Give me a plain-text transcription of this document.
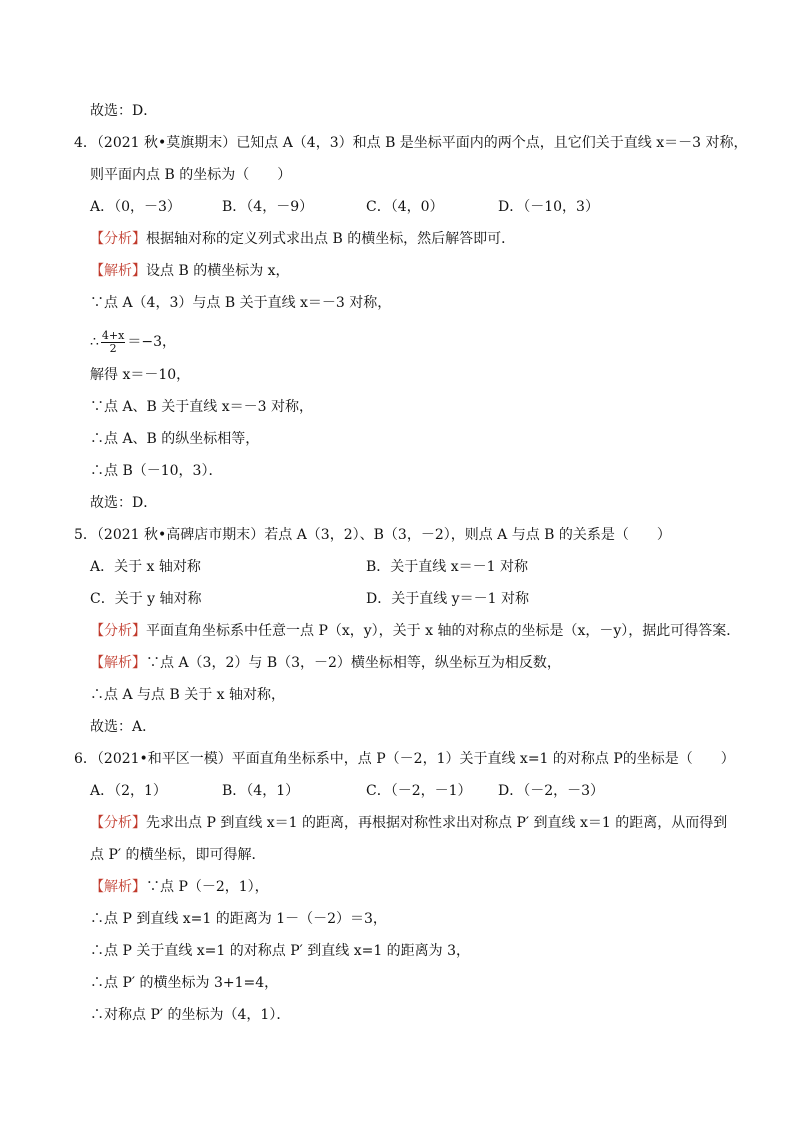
故选：D．
4．（2021 秋•莫旗期末）已知点 A（4，3）和点 B 是坐标平面内的两个点，且它们关于直线 x＝－3 对称，
则平面内点 B 的坐标为（　　）
A．（0，－3）	B．（4，－9）	C．（4，0）	D．（－10，3）
【分析】根据轴对称的定义列式求出点 B 的横坐标，然后解答即可．
【解析】设点 B 的横坐标为 x，
∵点 A（4，3）与点 B 关于直线 x＝－3 对称，
∴ $\frac{4+x}{2} =-3$，
解得 x＝－10，
∵点 A、B 关于直线 x＝－3 对称，
∴点 A、B 的纵坐标相等，
∴点 B（－10，3）．
故选：D．
5．（2021 秋•高碑店市期末）若点 A（3，2）、B（3，－2），则点 A 与点 B 的关系是（　　）
A．关于 x 轴对称	B．关于直线 x＝－1 对称
C．关于 y 轴对称	D．关于直线 y＝－1 对称
【分析】平面直角坐标系中任意一点 P（x，y），关于 x 轴的对称点的坐标是（x，－y），据此可得答案．
【解析】∵点 A（3，2）与 B（3，－2）横坐标相等，纵坐标互为相反数，
∴点 A 与点 B 关于 x 轴对称，
故选：A．
6．（2021•和平区一模）平面直角坐标系中，点 P（－2，1）关于直线 x=1 的对称点 P的坐标是（　　）
A．（2，1）	B．（4，1）	C．（－2，－1） D．（－2，－3）
【分析】先求出点 P 到直线 x＝1 的距离，再根据对称性求出对称点 P′ 到直线 x＝1 的距离，从而得到
点 P′ 的横坐标，即可得解．
【解析】∵点 P（－2，1），
∴点 P 到直线 x=1 的距离为 1－（－2）＝3，
∴点 P 关于直线 x=1 的对称点 P′ 到直线 x=1 的距离为 3，
∴点 P′ 的横坐标为 3+1=4，
∴对称点 P′ 的坐标为（4，1）．
